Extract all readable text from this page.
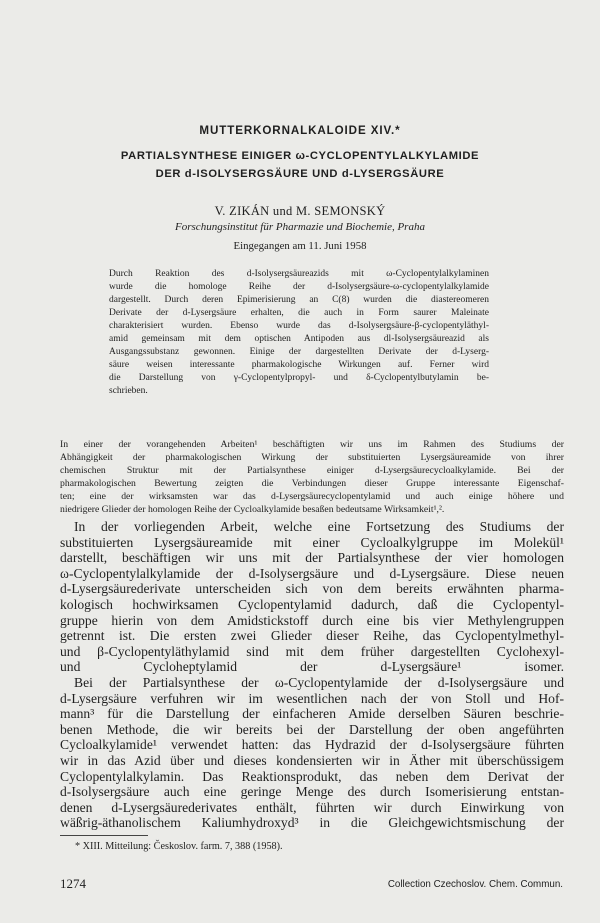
MUTTERKORNALKALOIDE XIV.*
PARTIALSYNTHESE EINIGER ω-CYCLOPENTYLALKYLAMIDE
DER d-ISOLYSERGSÄURE UND d-LYSERGSÄURE
V. ZIKÁN und M. SEMONSKÝ
Forschungsinstitut für Pharmazie und Biochemie, Praha
Eingegangen am 11. Juni 1958
Durch Reaktion des d-Isolysergsäureazids mit ω-Cyclopentylalkylaminen
wurde die homologe Reihe der d-Isolysergsäure-ω-cyclopentylalkylamide
dargestellt. Durch deren Epimerisierung an C(8) wurden die diastereomeren
Derivate der d-Lysergsäure erhalten, die auch in Form saurer Maleinate
charakterisiert wurden. Ebenso wurde das d-Isolysergsäure-β-cyclopentyläthyl-
amid gemeinsam mit dem optischen Antipoden aus dl-Isolysergsäureazid als
Ausgangssubstanz gewonnen. Einige der dargestellten Derivate der d-Lyserg-
säure weisen interessante pharmakologische Wirkungen auf. Ferner wird
die Darstellung von γ-Cyclopentylpropyl- und δ-Cyclopentylbutylamin be-
schrieben.
In einer der vorangehenden Arbeiten¹ beschäftigten wir uns im Rahmen des Studiums der
Abhängigkeit der pharmakologischen Wirkung der substituierten Lysergsäureamide von ihrer
chemischen Struktur mit der Partialsynthese einiger d-Lysergsäurecycloalkylamide. Bei der
pharmakologischen Bewertung zeigten die Verbindungen dieser Gruppe interessante Eigenschaf-
ten; eine der wirksamsten war das d-Lysergsäurecyclopentylamid und auch einige höhere und
niedrigere Glieder der homologen Reihe der Cycloalkylamide besaßen bedeutsame Wirksamkeit¹,².
In der vorliegenden Arbeit, welche eine Fortsetzung des Studiums der
substituierten Lysergsäureamide mit einer Cycloalkylgruppe im Molekül¹
darstellt, beschäftigen wir uns mit der Partialsynthese der vier homologen
ω-Cyclopentylalkylamide der d-Isolysergsäure und d-Lysergsäure. Diese neuen
d-Lysergsäurederivate unterscheiden sich von dem bereits erwähnten pharma-
kologisch hochwirksamen Cyclopentylamid dadurch, daß die Cyclopentyl-
gruppe hierin von dem Amidstickstoff durch eine bis vier Methylengruppen
getrennt ist. Die ersten zwei Glieder dieser Reihe, das Cyclopentylmethyl-
und β-Cyclopentyläthylamid sind mit dem früher dargestellten Cyclohexyl-
und Cycloheptylamid der d-Lysergsäure¹ isomer.
Bei der Partialsynthese der ω-Cyclopentylamide der d-Isolysergsäure und
d-Lysergsäure verfuhren wir im wesentlichen nach der von Stoll und Hof-
mann³ für die Darstellung der einfacheren Amide derselben Säuren beschrie-
benen Methode, die wir bereits bei der Darstellung der oben angeführten
Cycloalkylamide¹ verwendet hatten: das Hydrazid der d-Isolysergsäure führten
wir in das Azid über und dieses kondensierten wir in Äther mit überschüssigem
Cyclopentylalkylamin. Das Reaktionsprodukt, das neben dem Derivat der
d-Isolysergsäure auch eine geringe Menge des durch Isomerisierung entstan-
denen d-Lysergsäurederivates enthält, führten wir durch Einwirkung von
wäßrig-äthanolischem Kaliumhydroxyd³ in die Gleichgewichtsmischung der
* XIII. Mitteilung: Českoslov. farm. 7, 388 (1958).
1274	Collection Czechoslov. Chem. Commun.
